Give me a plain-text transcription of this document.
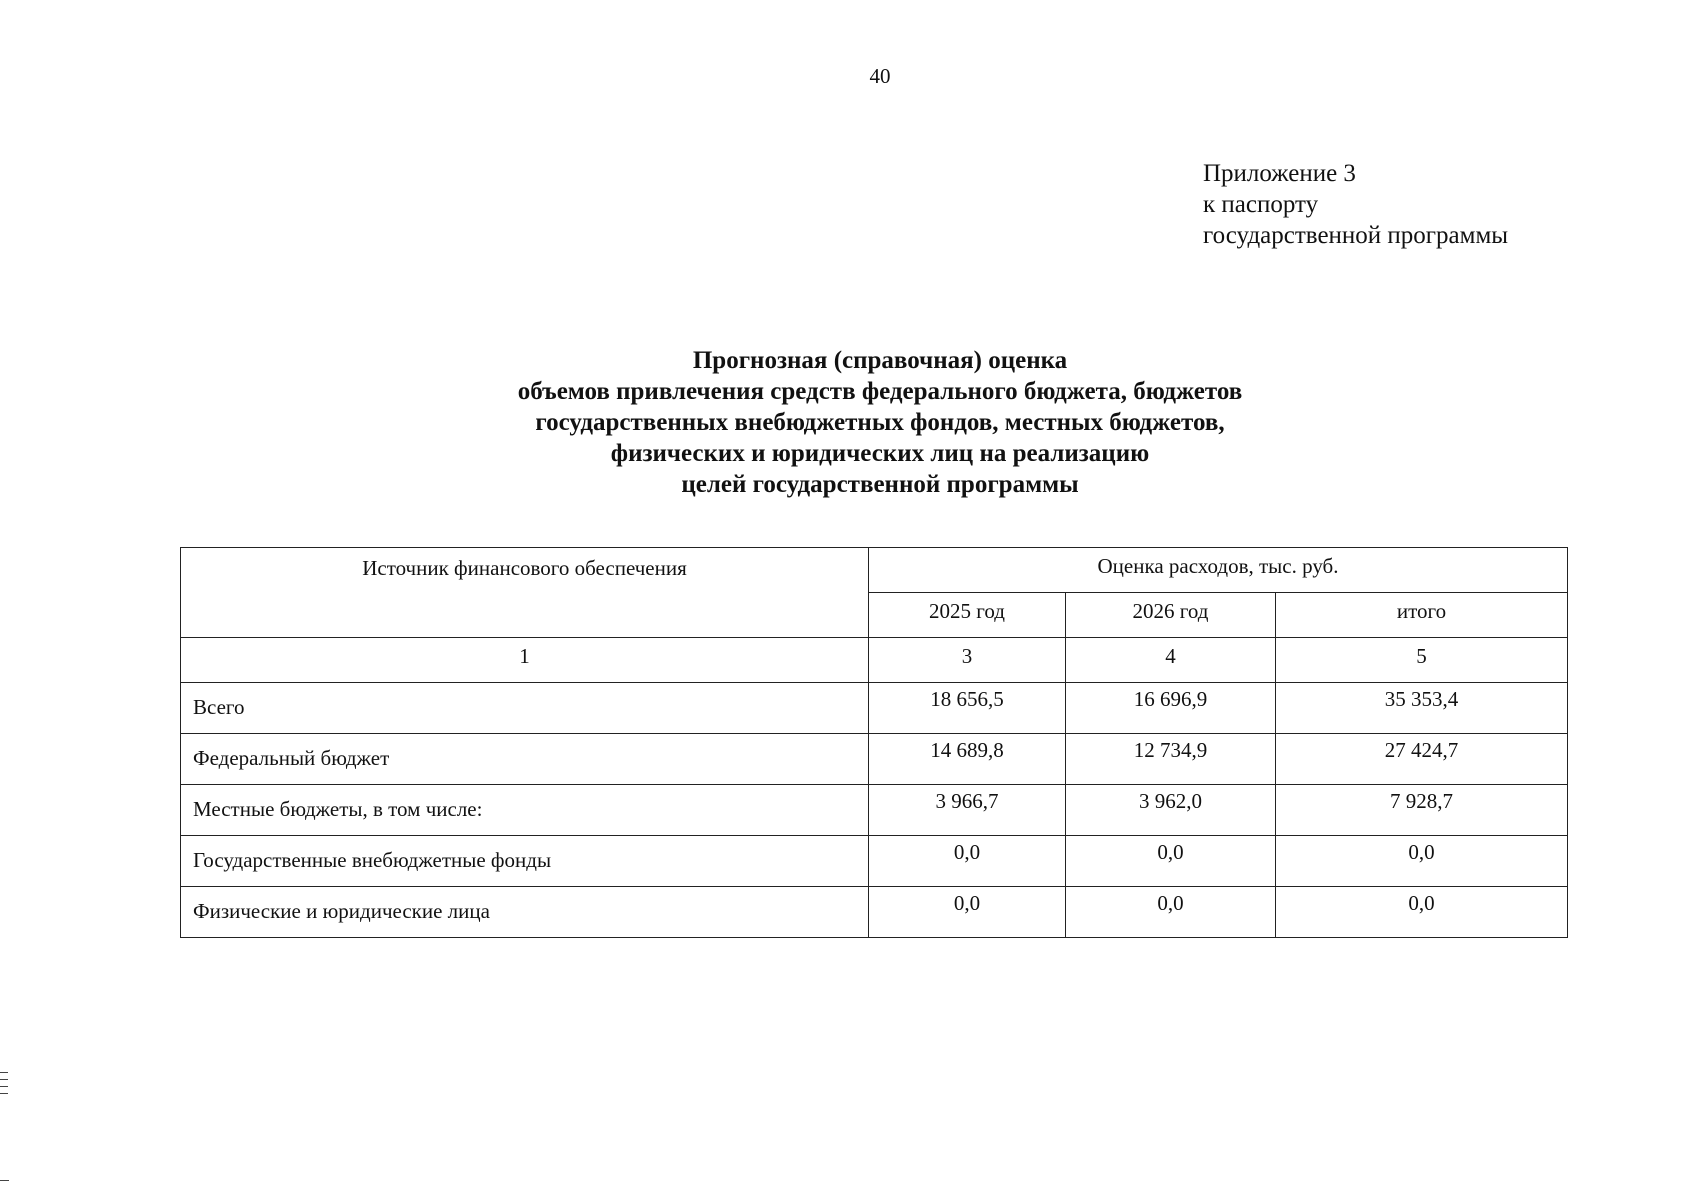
40
Приложение 3
к паспорту
государственной программы
Прогнозная (справочная) оценка
объемов привлечения средств федерального бюджета, бюджетов
государственных внебюджетных фондов, местных бюджетов,
физических и юридических лиц на реализацию
целей государственной программы
Источник финансового обеспечения	Оценка расходов, тыс. руб.		
	2025 год	2026 год	итого
1	3	4	5
Всего	18 656,5	16 696,9	35 353,4
Федеральный бюджет	14 689,8	12 734,9	27 424,7
Местные бюджеты, в том числе:	3 966,7	3 962,0	7 928,7
Государственные внебюджетные фонды	0,0	0,0	0,0
Физические и юридические лица	0,0	0,0	0,0
